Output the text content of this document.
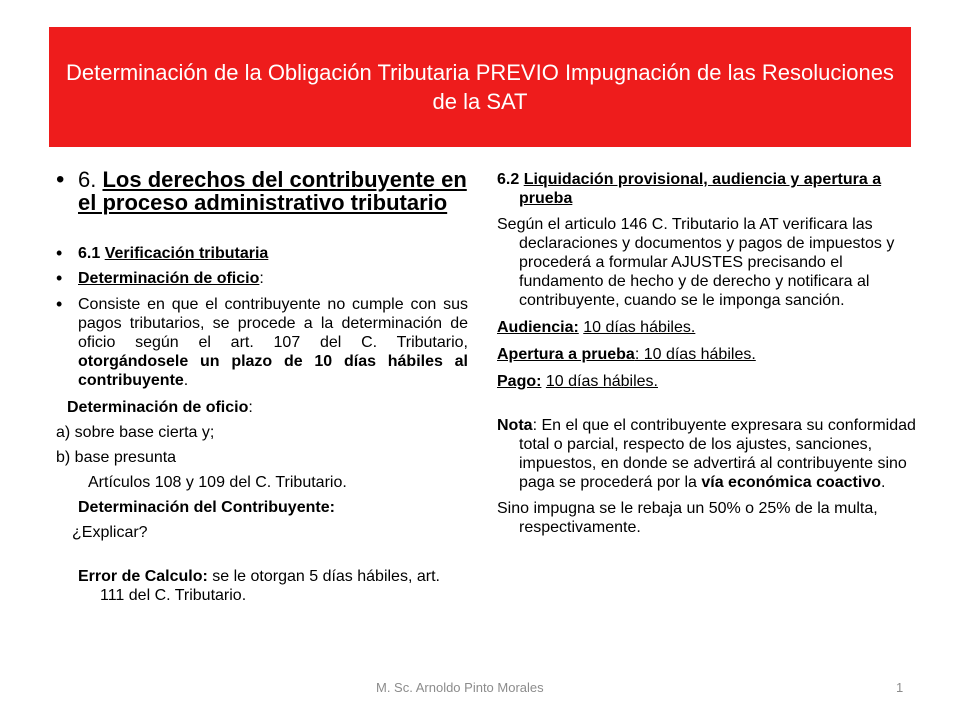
Determinación de la Obligación Tributaria PREVIO Impugnación de las Resoluciones de la SAT
• 6. Los derechos del contribuyente en el proceso administrativo tributario
• 6.1 Verificación tributaria
• Determinación de oficio:
• Consiste en que el contribuyente no cumple con sus pagos tributarios, se procede a la determinación de oficio según el art. 107 del C. Tributario, otorgándosele un plazo de 10 días hábiles al contribuyente.
Determinación de oficio:
a) sobre base cierta y;
b) base presunta
Artículos 108 y 109 del C. Tributario.
Determinación del Contribuyente:
¿Explicar?
Error de Calculo: se le otorgan 5 días hábiles, art. 111 del C. Tributario.
6.2 Liquidación provisional, audiencia y apertura a prueba
Según el articulo 146 C. Tributario la AT verificara las declaraciones y documentos y pagos de impuestos y procederá a formular AJUSTES precisando el fundamento de hecho y de derecho y notificara al contribuyente, cuando se le imponga sanción.
Audiencia: 10 días hábiles.
Apertura a prueba: 10 días hábiles.
Pago: 10 días hábiles.
Nota: En el que el contribuyente expresara su conformidad total o parcial, respecto de los ajustes, sanciones, impuestos, en donde se advertirá al contribuyente sino paga se procederá por la vía económica coactivo.
Sino impugna se le rebaja un 50% o 25% de la multa, respectivamente.
M. Sc. Arnoldo Pinto Morales	1
